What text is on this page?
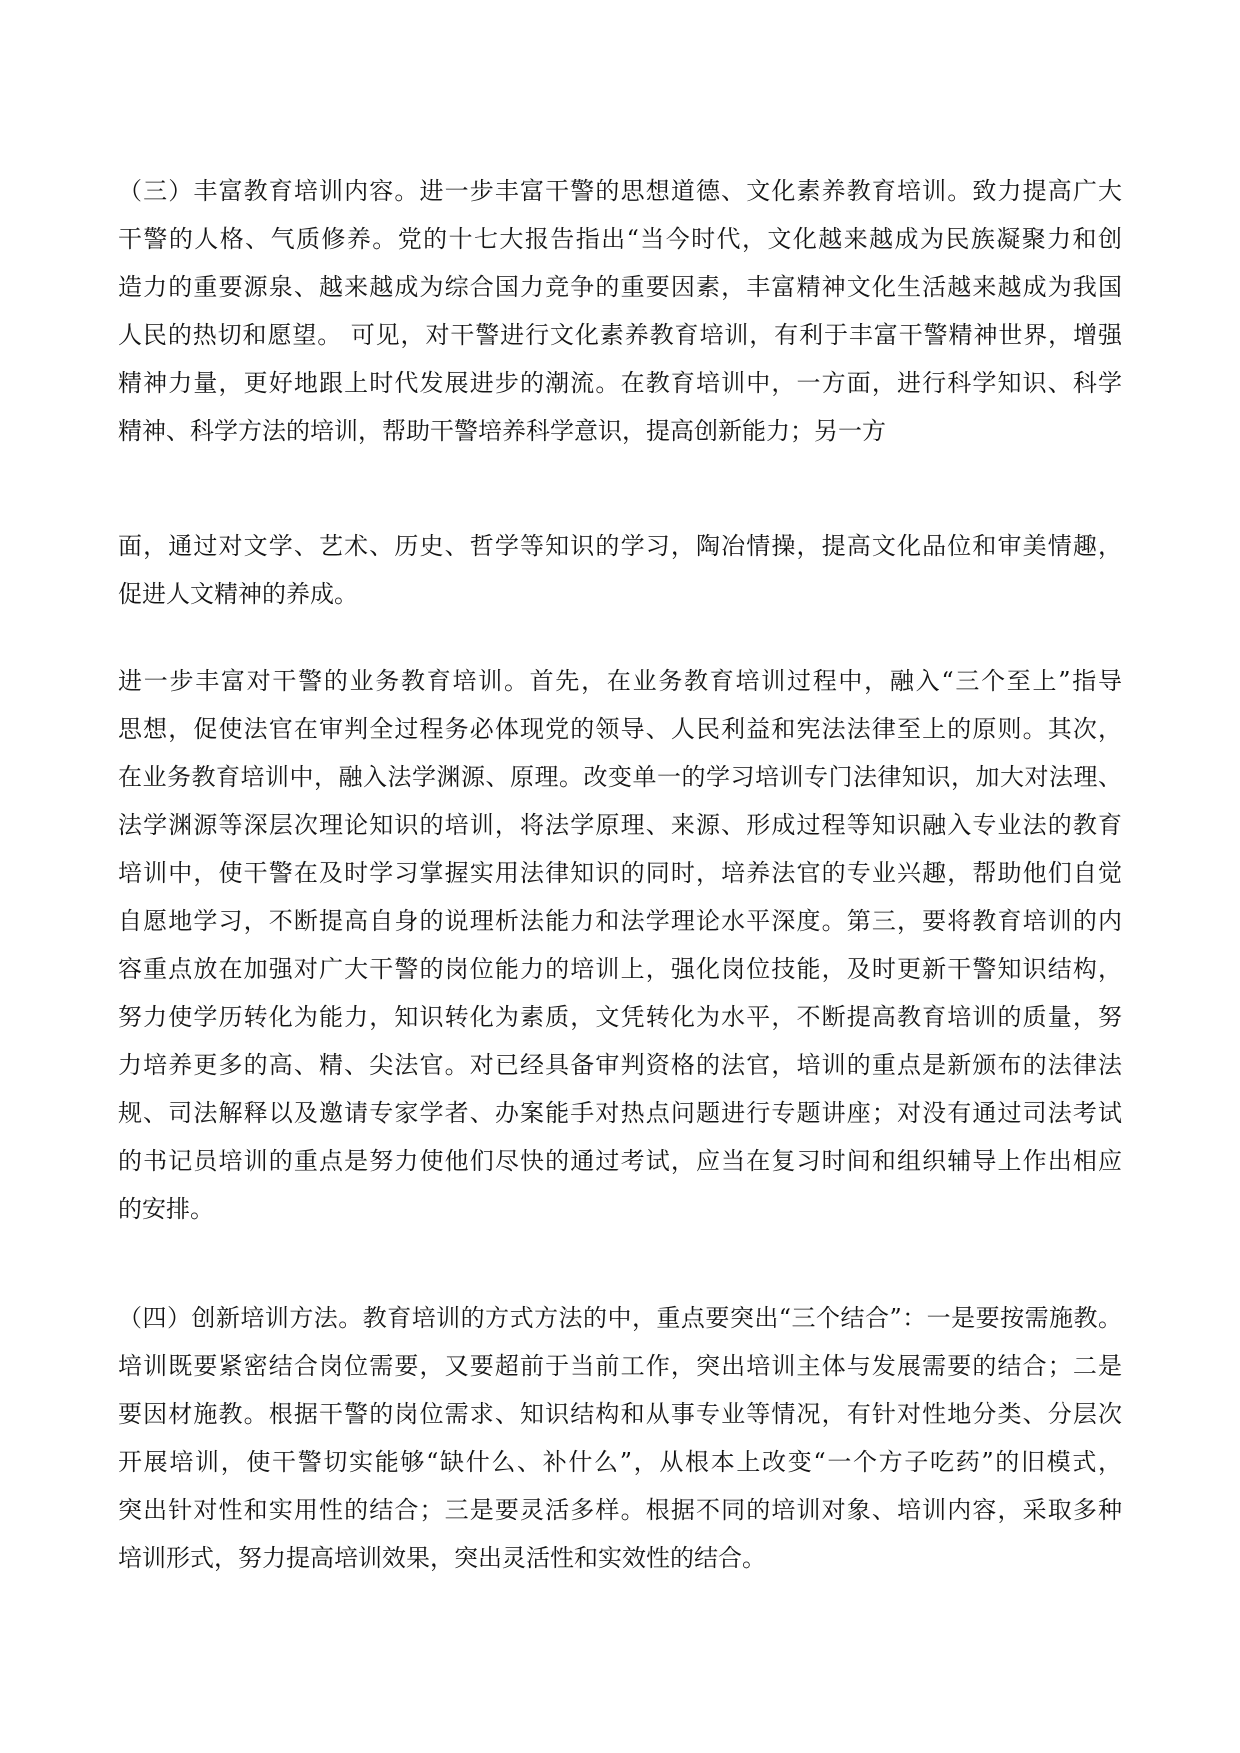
（三）丰富教育培训内容。进一步丰富干警的思想道德、文化素养教育培训。致力提高广大
干警的人格、气质修养。党的十七大报告指出“当今时代，文化越来越成为民族凝聚力和创
造力的重要源泉、越来越成为综合国力竞争的重要因素，丰富精神文化生活越来越成为我国
人民的热切和愿望。 可见，对干警进行文化素养教育培训，有利于丰富干警精神世界，增强
精神力量，更好地跟上时代发展进步的潮流。在教育培训中，一方面，进行科学知识、科学
精神、科学方法的培训，帮助干警培养科学意识，提高创新能力；另一方
面，通过对文学、艺术、历史、哲学等知识的学习，陶冶情操，提高文化品位和审美情趣，
促进人文精神的养成。
进一步丰富对干警的业务教育培训。首先，在业务教育培训过程中，融入“三个至上”指导
思想，促使法官在审判全过程务必体现党的领导、人民利益和宪法法律至上的原则。其次，
在业务教育培训中，融入法学渊源、原理。改变单一的学习培训专门法律知识，加大对法理、
法学渊源等深层次理论知识的培训，将法学原理、来源、形成过程等知识融入专业法的教育
培训中，使干警在及时学习掌握实用法律知识的同时，培养法官的专业兴趣，帮助他们自觉
自愿地学习，不断提高自身的说理析法能力和法学理论水平深度。第三，要将教育培训的内
容重点放在加强对广大干警的岗位能力的培训上，强化岗位技能，及时更新干警知识结构，
努力使学历转化为能力，知识转化为素质，文凭转化为水平，不断提高教育培训的质量，努
力培养更多的高、精、尖法官。对已经具备审判资格的法官，培训的重点是新颁布的法律法
规、司法解释以及邀请专家学者、办案能手对热点问题进行专题讲座；对没有通过司法考试
的书记员培训的重点是努力使他们尽快的通过考试，应当在复习时间和组织辅导上作出相应
的安排。
（四）创新培训方法。教育培训的方式方法的中，重点要突出“三个结合”：一是要按需施教。
培训既要紧密结合岗位需要，又要超前于当前工作，突出培训主体与发展需要的结合；二是
要因材施教。根据干警的岗位需求、知识结构和从事专业等情况，有针对性地分类、分层次
开展培训，使干警切实能够“缺什么、补什么”，从根本上改变“一个方子吃药”的旧模式，
突出针对性和实用性的结合；三是要灵活多样。根据不同的培训对象、培训内容，采取多种
培训形式，努力提高培训效果，突出灵活性和实效性的结合。
